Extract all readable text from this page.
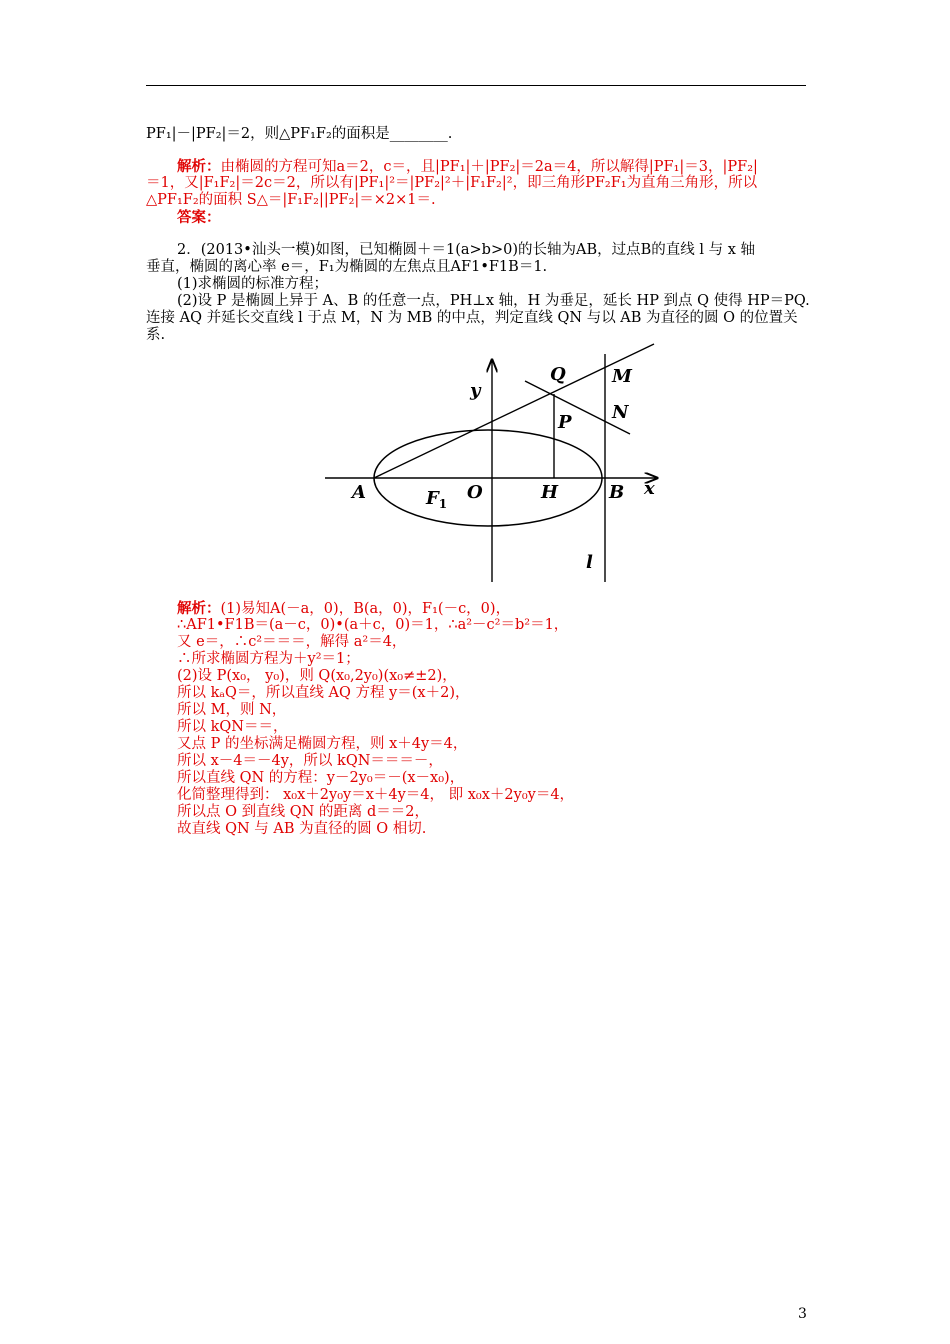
PF₁|－|PF₂|＝2，则△PF₁F₂的面积是________.
解析：由椭圆的方程可知a＝2，c＝，且|PF₁|＋|PF₂|＝2a＝4，所以解得|PF₁|＝3，|PF₂|
＝1，又|F₁F₂|＝2c＝2，所以有|PF₁|²＝|PF₂|²＋|F₁F₂|²，即三角形PF₂F₁为直角三角形，所以
△PF₁F₂的面积 S△＝|F₁F₂||PF₂|＝×2×1＝.
答案：
2．(2013•汕头一模)如图，已知椭圆＋＝1(a>b>0)的长轴为AB，过点B的直线 l 与 x 轴
垂直，椭圆的离心率 e＝，F₁为椭圆的左焦点且AF1•F1B＝1.
(1)求椭圆的标准方程；
(2)设 P 是椭圆上异于 A、B 的任意一点，PH⊥x 轴，H 为垂足，延长 HP 到点 Q 使得 HP＝PQ.
连接 AQ 并延长交直线 l 于点 M，N 为 MB 的中点，判定直线 QN 与以 AB 为直径的圆 O 的位置关
系.
y
x
A	O	H	B
$F_1$
P
Q	M
N
l
解析：(1)易知A(－a，0)，B(a，0)，F₁(－c，0)，
∴AF1•F1B＝(a－c，0)•(a＋c，0)＝1，∴a²－c²＝b²＝1，
又 e＝，∴c²＝＝＝，解得 a²＝4，
∴所求椭圆方程为＋y²＝1；
(2)设 P(x₀， y₀)，则 Q(x₀,2y₀)(x₀≠±2)，
所以 kₐQ＝，所以直线 AQ 方程 y＝(x＋2)，
所以 M，则 N，
所以 kQN＝＝，
又点 P 的坐标满足椭圆方程，则 x＋4y＝4，
所以 x－4＝－4y，所以 kQN＝＝＝－，
所以直线 QN 的方程：y－2y₀＝－(x－x₀)，
化简整理得到： x₀x＋2y₀y＝x＋4y＝4， 即 x₀x＋2y₀y＝4，
所以点 O 到直线 QN 的距离 d＝＝2，
故直线 QN 与 AB 为直径的圆 O 相切.
3
